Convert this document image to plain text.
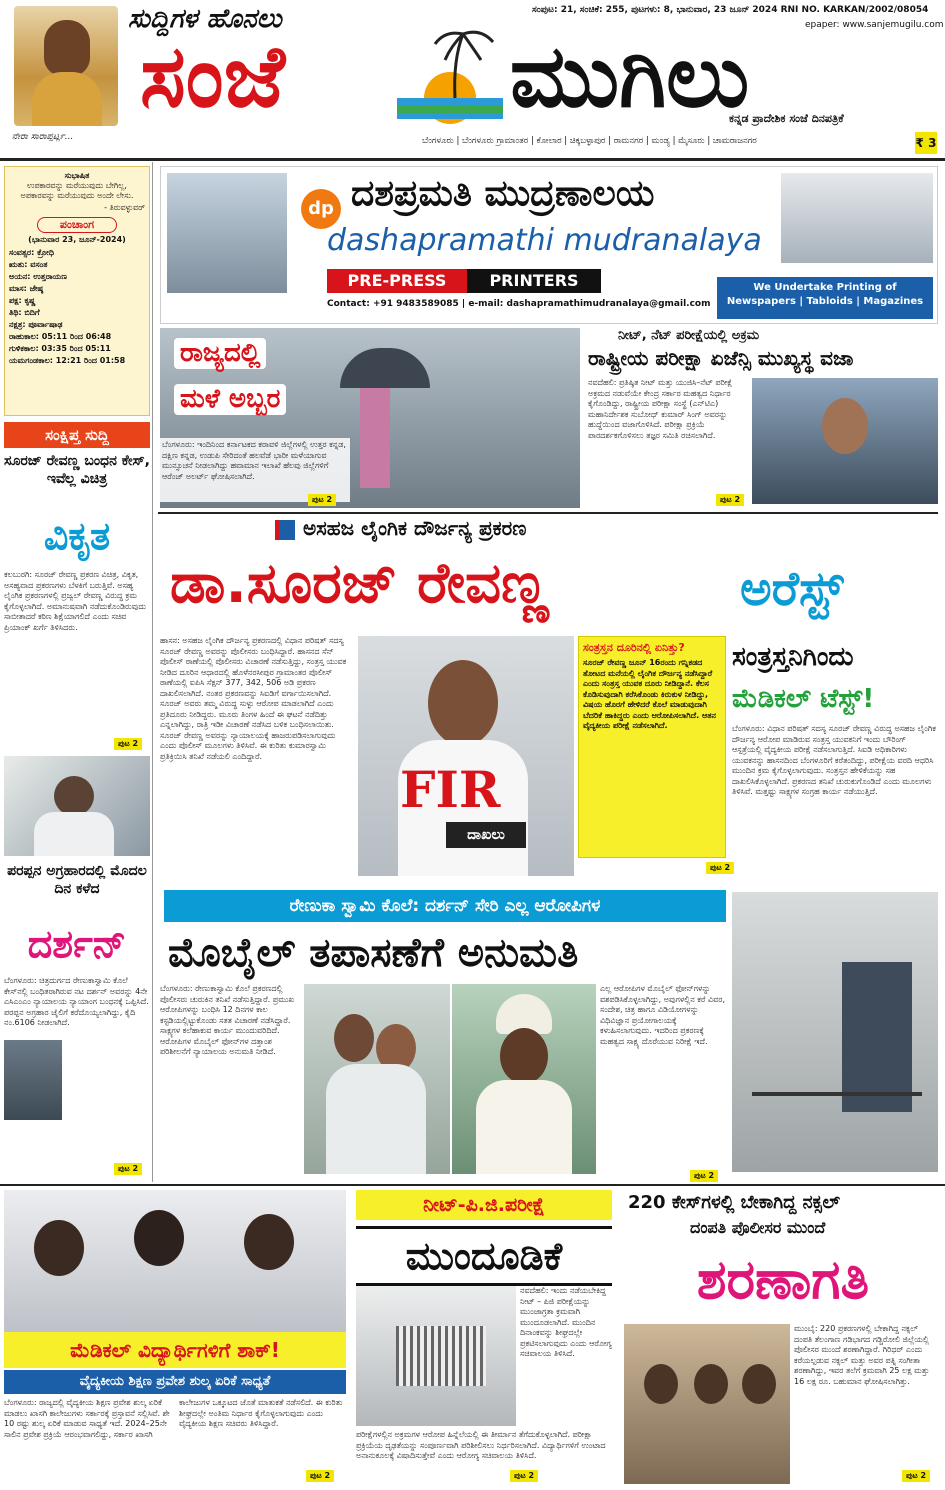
ನೇರಾ ಸಾರಾಪ್ಪರ್ಟ್ಲ...
ಸುದ್ದಿಗಳ ಹೊನಲು
ಸಂಜೆ	ಮುಗಿಲು
ಸಂಪುಟ: 21, ಸಂಚಿಕೆ: 255, ಪುಟಗಳು: 8, ಭಾನುವಾರ, 23 ಜೂನ್ 2024 RNI NO. KARKAN/2002/08054
epaper: www.sanjemugilu.com
ಕನ್ನಡ ಪ್ರಾದೇಶಿಕ ಸಂಜೆ ದಿನಪತ್ರಿಕೆ
ಬೆಂಗಳೂರು | ಬೆಂಗಳೂರು ಗ್ರಾಮಾಂತರ | ಕೋಲಾರ | ಚಿಕ್ಕಬಳ್ಳಾಪುರ | ರಾಮನಗರ | ಮಂಡ್ಯ | ಮೈಸೂರು | ಚಾಮರಾಜನಗರ	₹ 3
ಸುಭಾಷಿತ
ಉಪಕಾರವನ್ನು ಮರೆಯುವುದು ಬೇಗಿಲ್ಲ, ಅಪಕಾರವನ್ನು ಮರೆಯುವುದು ಅಂದೇ ಲೇಸು.
- ತಿರುವಳ್ಳುವರ್
ಪಂಚಾಂಗ
(ಭಾನುವಾರ 23, ಜೂನ್-2024)
ಸಂವತ್ಸರ: ಕ್ರೋಧಿ
ಋತು: ವಸಂತ
ಅಯನ: ಉತ್ತರಾಯಣ
ಮಾಸ: ಜೇಷ್ಠ
ಪಕ್ಷ: ಕೃಷ್ಣ
ತಿಥಿ: ಬಿದಿಗೆ
ನಕ್ಷತ್ರ: ಪೂರ್ವಾಷಾಢ
ರಾಹುಕಾಲ: 05:11 ರಿಂದ 06:48
ಗುಳಿಕಕಾಲ: 03:35 ರಿಂದ 05:11
ಯಮಗಂಡಕಾಲ: 12:21 ರಿಂದ 01:58
ಸಂಕ್ಷಿಪ್ತ ಸುದ್ದಿ
ಸೂರಜ್ ರೇವಣ್ಣ ಬಂಧನ ಕೇಸ್, ಇವೆಲ್ಲ ವಿಚಿತ್ರ
ವಿಕೃತ
ಕಲಬುರಗಿ: ಸೂರಜ್ ರೇವಣ್ಣ ಪ್ರಕರಣ ವಿಚಿತ್ರ, ವಿಕೃತ, ಅಸಹ್ಯವಾದ ಪ್ರಕರಣಗಳು ಬೆಳಕಿಗೆ ಬರುತ್ತಿವೆ. ಅಸಹ್ಯ ಲೈಂಗಿಕ ಪ್ರಕರಣಗಳಲ್ಲಿ ಪ್ರಜ್ವಲ್ ರೇವಣ್ಣ ವಿರುದ್ಧ ಕ್ರಮ ಕೈಗೊಳ್ಳಲಾಗಿದೆ. ಅಮಾನುಷವಾಗಿ ನಡೆದುಕೊಂಡಿರುವುದು ಸಾಬೀತಾದರೆ ಕಠಿಣ ಶಿಕ್ಷೆಯಾಗಲಿದೆ ಎಂದು ಸಚಿವ ಪ್ರಿಯಾಂಕ್ ಖರ್ಗೆ ತಿಳಿಸಿದರು.
ಪುಟ 2
ಪರಪ್ಪನ ಅಗ್ರಹಾರದಲ್ಲಿ ಮೊದಲ ದಿನ ಕಳೆದ
ದರ್ಶನ್
ಬೆಂಗಳೂರು: ಚಿತ್ರದುರ್ಗದ ರೇಣುಕಾಸ್ವಾಮಿ ಕೊಲೆ ಕೇಸ್‌ನಲ್ಲಿ ಬಂಧಿತರಾಗಿರುವ ನಟ ದರ್ಶನ್ ಅವರನ್ನು 4ನೇ ಎಸಿಎಂಎಂ ನ್ಯಾಯಾಲಯ ನ್ಯಾಯಾಂಗ ಬಂಧನಕ್ಕೆ ಒಪ್ಪಿಸಿದೆ. ಪರಪ್ಪನ ಅಗ್ರಹಾರ ಜೈಲಿಗೆ ಕರೆದೊಯ್ಯಲಾಗಿದ್ದು, ಕೈದಿ ನಂ.6106 ನೀಡಲಾಗಿದೆ.
ಪುಟ 2
dp ದಶಪ್ರಮತಿ ಮುದ್ರಣಾಲಯ
dashapramathi mudranalaya
PRE-PRESS	PRINTERS
Contact: +91 9483589085 | e-mail: dashapramathimudranalaya@gmail.com
We Undertake Printing of Newspapers | Tabloids | Magazines
ರಾಜ್ಯದಲ್ಲಿ
ಮಳೆ ಅಬ್ಬರ
ಬೆಂಗಳೂರು: ಇಂದಿನಿಂದ ಕರ್ನಾಟಕದ ಕರಾವಳಿ ಜಿಲ್ಲೆಗಳಲ್ಲಿ ಉತ್ತರ ಕನ್ನಡ, ದಕ್ಷಿಣ ಕನ್ನಡ, ಉಡುಪಿ ಸೇರಿದಂತೆ ಹಲವೆಡೆ ಭಾರೀ ಮಳೆಯಾಗುವ ಮುನ್ಸೂಚನೆ ನೀಡಲಾಗಿದ್ದು ಹವಾಮಾನ ಇಲಾಖೆ ಹೆಲವು ಜಿಲ್ಲೆಗಳಿಗೆ ಆರೆಂಜ್ ಅಲರ್ಟ್ ಘೋಷಿಸಲಾಗಿದೆ.
ಪುಟ 2
ನೀಟ್, ನೆಟ್ ಪರೀಕ್ಷೆಯಲ್ಲಿ ಅಕ್ರಮ
ರಾಷ್ಟ್ರೀಯ ಪರೀಕ್ಷಾ ಏಜೆನ್ಸಿ ಮುಖ್ಯಸ್ಥ ವಜಾ
ನವದೆಹಲಿ: ಪ್ರತಿಷ್ಠಿತ ನೀಟ್ ಮತ್ತು ಯುಜಿಸಿ–ನೆಟ್ ಪರೀಕ್ಷೆ ಅಕ್ರಮದ ನಡುವೆಯೇ ಕೇಂದ್ರ ಸರ್ಕಾರ ಮಹತ್ವದ ನಿರ್ಧಾರ ಕೈಗೊಂಡಿದ್ದು, ರಾಷ್ಟ್ರೀಯ ಪರೀಕ್ಷಾ ಸಂಸ್ಥೆ (ಎನ್‌ಟಿಎ) ಮಹಾನಿರ್ದೇಶಕ ಸುಬೋಧ್ ಕುಮಾರ್ ಸಿಂಗ್ ಅವರನ್ನು ಹುದ್ದೆಯಿಂದ ವಜಾಗೊಳಿಸಿದೆ. ಪರೀಕ್ಷಾ ಪ್ರಕ್ರಿಯೆ ಪಾರದರ್ಶಕಗೊಳಿಸಲು ತಜ್ಞರ ಸಮಿತಿ ರಚಿಸಲಾಗಿದೆ.
ಪುಟ 2
ಅಸಹಜ ಲೈಂಗಿಕ ದೌರ್ಜನ್ಯ ಪ್ರಕರಣ
ಡಾ.ಸೂರಜ್ ರೇವಣ್ಣ	ಅರೆಸ್ಟ್
ಹಾಸನ: ಅಸಹಜ ಲೈಂಗಿಕ ದೌರ್ಜನ್ಯ ಪ್ರಕರಣದಲ್ಲಿ ವಿಧಾನ ಪರಿಷತ್ ಸದಸ್ಯ ಸೂರಜ್ ರೇವಣ್ಣ ಅವರನ್ನು ಪೊಲೀಸರು ಬಂಧಿಸಿದ್ದಾರೆ. ಹಾಸನದ ಸೆನ್ ಪೊಲೀಸ್ ಠಾಣೆಯಲ್ಲಿ ಪೊಲೀಸರು ವಿಚಾರಣೆ ನಡೆಸುತ್ತಿದ್ದು, ಸಂತ್ರಸ್ತ ಯುವಕ ನೀಡಿದ ದೂರಿನ ಆಧಾರದಲ್ಲಿ ಹೊಳೆನರಸೀಪುರ ಗ್ರಾಮಾಂತರ ಪೊಲೀಸ್ ಠಾಣೆಯಲ್ಲಿ ಐಪಿಸಿ ಸೆಕ್ಷನ್ 377, 342, 506 ಅಡಿ ಪ್ರಕರಣ ದಾಖಲಿಸಲಾಗಿದೆ. ನಂತರ ಪ್ರಕರಣವನ್ನು ಸಿಐಡಿಗೆ ವರ್ಗಾಯಿಸಲಾಗಿದೆ. ಸೂರಜ್ ಅವರು ತಮ್ಮ ವಿರುದ್ಧ ಸುಳ್ಳು ಆರೋಪ ಮಾಡಲಾಗಿದೆ ಎಂದು ಪ್ರತಿದೂರು ನೀಡಿದ್ದರು. ಮೂರು ತಿಂಗಳ ಹಿಂದೆ ಈ ಘಟನೆ ನಡೆದಿತ್ತು ಎನ್ನಲಾಗಿದ್ದು, ರಾತ್ರಿ ಇಡೀ ವಿಚಾರಣೆ ನಡೆಸಿದ ಬಳಿಕ ಬಂಧಿಸಲಾಯಿತು. ಸೂರಜ್ ರೇವಣ್ಣ ಅವರನ್ನು ನ್ಯಾಯಾಲಯಕ್ಕೆ ಹಾಜರುಪಡಿಸಲಾಗುವುದು ಎಂದು ಪೊಲೀಸ್ ಮೂಲಗಳು ತಿಳಿಸಿವೆ. ಈ ಕುರಿತು ಕುಮಾರಸ್ವಾಮಿ ಪ್ರತಿಕ್ರಿಯಿಸಿ ತನಿಖೆ ನಡೆಯಲಿ ಎಂದಿದ್ದಾರೆ.
FIR
ದಾಖಲು
ಸಂತ್ರಸ್ತನ ದೂರಿನಲ್ಲಿ ಏನಿತ್ತು?
ಸೂರಜ್ ರೇವಣ್ಣ ಜೂನ್ 16ರಂದು ಗನ್ನಿಕಡದ ತೋಟದ ಮನೆಯಲ್ಲಿ ಲೈಂಗಿಕ ದೌರ್ಜನ್ಯ ನಡೆಸಿದ್ದಾರೆ ಎಂದು ಸಂತ್ರಸ್ತ ಯುವಕ ದೂರು ನೀಡಿದ್ದಾನೆ. ಕೆಲಸ ಕೊಡಿಸುವುದಾಗಿ ಕರೆಸಿಕೊಂಡು ಕಿರುಕುಳ ನೀಡಿದ್ದು, ವಿಷಯ ಹೊರಗೆ ಹೇಳಿದರೆ ಕೊಲೆ ಮಾಡುವುದಾಗಿ ಬೆದರಿಕೆ ಹಾಕಿದ್ದರು ಎಂದು ಆರೋಪಿಸಲಾಗಿದೆ. ಆತನ ವೈದ್ಯಕೀಯ ಪರೀಕ್ಷೆ ನಡೆಸಲಾಗಿದೆ.
ಸಂತ್ರಸ್ತನಿಗಿಂದು
ಮೆಡಿಕಲ್ ಟೆಸ್ಟ್!
ಬೆಂಗಳೂರು: ವಿಧಾನ ಪರಿಷತ್ ಸದಸ್ಯ ಸೂರಜ್ ರೇವಣ್ಣ ವಿರುದ್ಧ ಅಸಹಜ ಲೈಂಗಿಕ ದೌರ್ಜನ್ಯ ಆರೋಪ ಮಾಡಿರುವ ಸಂತ್ರಸ್ತ ಯುವಕನಿಗೆ ಇಂದು ಬೌರಿಂಗ್ ಆಸ್ಪತ್ರೆಯಲ್ಲಿ ವೈದ್ಯಕೀಯ ಪರೀಕ್ಷೆ ನಡೆಸಲಾಗುತ್ತಿದೆ. ಸಿಐಡಿ ಅಧಿಕಾರಿಗಳು ಯುವಕನನ್ನು ಹಾಸನದಿಂದ ಬೆಂಗಳೂರಿಗೆ ಕರೆತಂದಿದ್ದು, ಪರೀಕ್ಷೆಯ ವರದಿ ಆಧರಿಸಿ ಮುಂದಿನ ಕ್ರಮ ಕೈಗೊಳ್ಳಲಾಗುವುದು. ಸಂತ್ರಸ್ತನ ಹೇಳಿಕೆಯನ್ನು ಸಹ ದಾಖಲಿಸಿಕೊಳ್ಳಲಾಗಿದೆ. ಪ್ರಕರಣದ ತನಿಖೆ ಚುರುಕುಗೊಂಡಿದೆ ಎಂದು ಮೂಲಗಳು ತಿಳಿಸಿವೆ. ಮತ್ತಷ್ಟು ಸಾಕ್ಷ್ಯಗಳ ಸಂಗ್ರಹ ಕಾರ್ಯ ನಡೆಯುತ್ತಿದೆ.
ಪುಟ 2
ರೇಣುಕಾ ಸ್ವಾಮಿ ಕೊಲೆ: ದರ್ಶನ್ ಸೇರಿ ಎಲ್ಲ ಆರೋಪಿಗಳ
ಮೊಬೈಲ್ ತಪಾಸಣೆಗೆ ಅನುಮತಿ
ಬೆಂಗಳೂರು: ರೇಣುಕಾಸ್ವಾಮಿ ಕೊಲೆ ಪ್ರಕರಣದಲ್ಲಿ ಪೊಲೀಸರು ಚುರುಕಿನ ತನಿಖೆ ನಡೆಸುತ್ತಿದ್ದಾರೆ. ಪ್ರಮುಖ ಆರೋಪಿಗಳನ್ನು ಬಂಧಿಸಿ 12 ದಿನಗಳ ಕಾಲ ಕಸ್ಟಡಿಯಲ್ಲಿಟ್ಟುಕೊಂಡು ಸತತ ವಿಚಾರಣೆ ನಡೆಸಿದ್ದಾರೆ. ಸಾಕ್ಷ್ಯಗಳ ಕಲೆಹಾಕುವ ಕಾರ್ಯ ಮುಂದುವರಿದಿದೆ. ಆರೋಪಿಗಳ ಮೊಬೈಲ್ ಫೋನ್‌ಗಳ ದತ್ತಾಂಶ ಪರಿಶೀಲನೆಗೆ ನ್ಯಾಯಾಲಯ ಅನುಮತಿ ನೀಡಿದೆ.
ಎಲ್ಲ ಆರೋಪಿಗಳ ಮೊಬೈಲ್ ಫೋನ್‌ಗಳನ್ನು ವಶಪಡಿಸಿಕೊಳ್ಳಲಾಗಿದ್ದು, ಅವುಗಳಲ್ಲಿನ ಕರೆ ವಿವರ, ಸಂದೇಶ, ಚಿತ್ರ ಹಾಗೂ ವಿಡಿಯೋಗಳನ್ನು ವಿಧಿವಿಜ್ಞಾನ ಪ್ರಯೋಗಾಲಯಕ್ಕೆ ಕಳುಹಿಸಲಾಗುವುದು. ಇದರಿಂದ ಪ್ರಕರಣಕ್ಕೆ ಮಹತ್ವದ ಸಾಕ್ಷ್ಯ ದೊರೆಯುವ ನಿರೀಕ್ಷೆ ಇದೆ.
ಪುಟ 2
ಮೆಡಿಕಲ್ ವಿದ್ಯಾರ್ಥಿಗಳಿಗೆ ಶಾಕ್!
ವೈದ್ಯಕೀಯ ಶಿಕ್ಷಣ ಪ್ರವೇಶ ಶುಲ್ಕ ಏರಿಕೆ ಸಾಧ್ಯತೆ
ಬೆಂಗಳೂರು: ರಾಜ್ಯದಲ್ಲಿ ವೈದ್ಯಕೀಯ ಶಿಕ್ಷಣ ಪ್ರವೇಶ ಶುಲ್ಕ ಏರಿಕೆ ಮಾಡಲು ಖಾಸಗಿ ಕಾಲೇಜುಗಳು ಸರ್ಕಾರಕ್ಕೆ ಪ್ರಸ್ತಾವನೆ ಸಲ್ಲಿಸಿವೆ. ಶೇ 10 ರಷ್ಟು ಶುಲ್ಕ ಏರಿಕೆ ಮಾಡುವ ಸಾಧ್ಯತೆ ಇದೆ. 2024–25ನೇ ಸಾಲಿನ ಪ್ರವೇಶ ಪ್ರಕ್ರಿಯೆ ಆರಂಭವಾಗಲಿದ್ದು, ಸರ್ಕಾರ ಖಾಸಗಿ ಕಾಲೇಜುಗಳ ಒಕ್ಕೂಟದ ಜೊತೆ ಮಾತುಕತೆ ನಡೆಸಲಿದೆ. ಈ ಕುರಿತು ಶೀಘ್ರದಲ್ಲೇ ಅಂತಿಮ ನಿರ್ಧಾರ ಕೈಗೊಳ್ಳಲಾಗುವುದು ಎಂದು ವೈದ್ಯಕೀಯ ಶಿಕ್ಷಣ ಸಚಿವರು ತಿಳಿಸಿದ್ದಾರೆ.
ಪುಟ 2
ನೀಟ್-ಪಿ.ಜಿ.ಪರೀಕ್ಷೆ
ಮುಂದೂಡಿಕೆ
ನವದೆಹಲಿ: ಇಂದು ನಡೆಯಬೇಕಿದ್ದ ನೀಟ್ – ಪಿಜಿ ಪರೀಕ್ಷೆಯನ್ನು ಮುಂಜಾಗ್ರತಾ ಕ್ರಮವಾಗಿ ಮುಂದೂಡಲಾಗಿದೆ. ಮುಂದಿನ ದಿನಾಂಕವನ್ನು ಶೀಘ್ರದಲ್ಲೇ ಪ್ರಕಟಿಸಲಾಗುವುದು ಎಂದು ಆರೋಗ್ಯ ಸಚಿವಾಲಯ ತಿಳಿಸಿದೆ.
ಪರೀಕ್ಷೆಗಳಲ್ಲಿನ ಅಕ್ರಮಗಳ ಆರೋಪ ಹಿನ್ನೆಲೆಯಲ್ಲಿ ಈ ತೀರ್ಮಾನ ತೆಗೆದುಕೊಳ್ಳಲಾಗಿದೆ. ಪರೀಕ್ಷಾ ಪ್ರಕ್ರಿಯೆಯ ದೃಢತೆಯನ್ನು ಸಂಪೂರ್ಣವಾಗಿ ಪರಿಶೀಲಿಸಲು ನಿರ್ಧರಿಸಲಾಗಿದೆ. ವಿದ್ಯಾರ್ಥಿಗಳಿಗೆ ಉಂಟಾದ ಅನಾನುಕೂಲಕ್ಕೆ ವಿಷಾದಿಸುತ್ತೇವೆ ಎಂದು ಆರೋಗ್ಯ ಸಚಿವಾಲಯ ತಿಳಿಸಿದೆ.
ಪುಟ 2
220 ಕೇಸ್‌ಗಳಲ್ಲಿ ಬೇಕಾಗಿದ್ದ ನಕ್ಸಲ್
ದಂಪತಿ ಪೊಲೀಸರ ಮುಂದೆ
ಶರಣಾಗತಿ
ಮುಂಬೈ: 220 ಪ್ರಕರಣಗಳಲ್ಲಿ ಬೇಕಾಗಿದ್ದ ನಕ್ಸಲ್ ದಂಪತಿ ತೆಲಂಗಾಣ ಗಡಿಭಾಗದ ಗಡ್ಚಿರೋಲಿ ಜಿಲ್ಲೆಯಲ್ಲಿ ಪೊಲೀಸರ ಮುಂದೆ ಶರಣಾಗಿದ್ದಾರೆ. ಗಿರಿಧರ್ ಎಂದು ಕರೆಯಲ್ಪಡುವ ನಕ್ಸಲ್ ಮತ್ತು ಅವರ ಪತ್ನಿ ಸಂಗೀತಾ ಶರಣಾಗಿದ್ದು, ಇವರ ತಲೆಗೆ ಕ್ರಮವಾಗಿ 25 ಲಕ್ಷ ಮತ್ತು 16 ಲಕ್ಷ ರೂ. ಬಹುಮಾನ ಘೋಷಿಸಲಾಗಿತ್ತು.
ಪುಟ 2
